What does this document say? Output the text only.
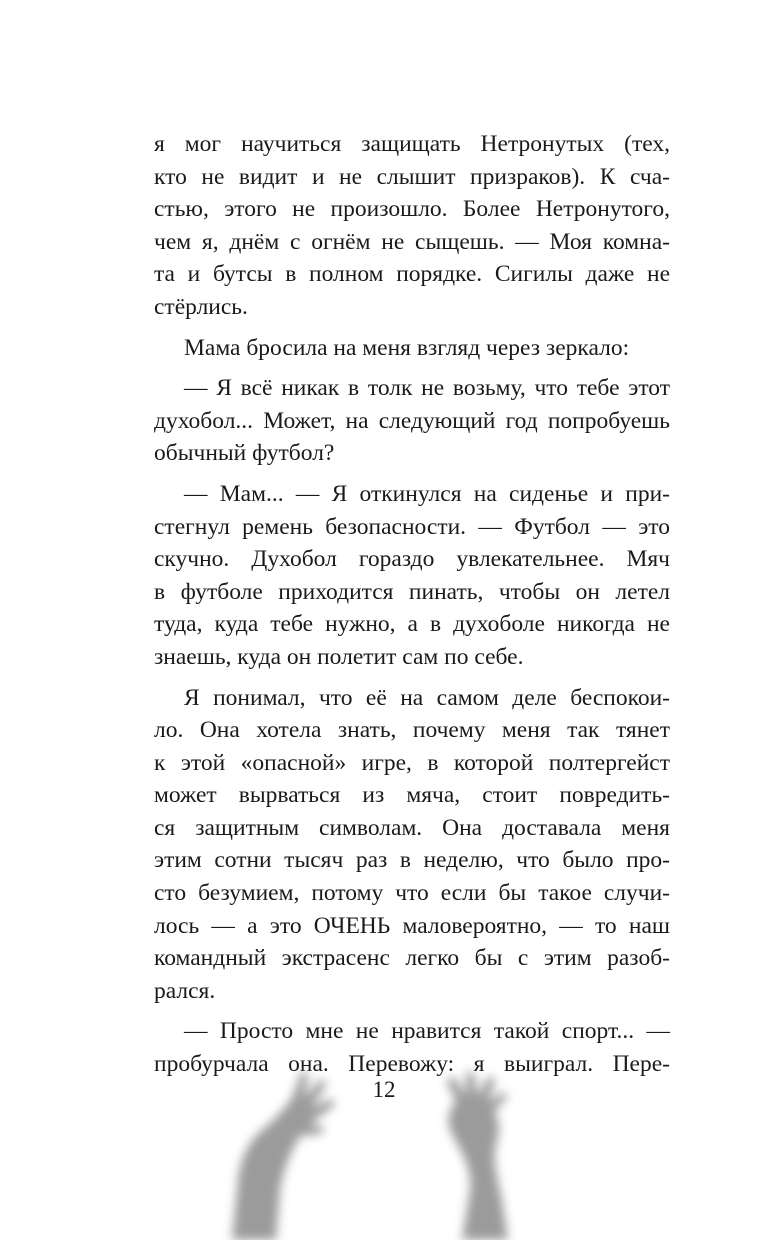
я мог научиться защищать Нетронутых (тех,
кто не видит и не слышит призраков). К сча-
стью, этого не произошло. Более Нетронутого,
чем я, днём с огнём не сыщешь. — Моя комна-
та и бутсы в полном порядке. Сигилы даже не
стёрлись.

Мама бросила на меня взгляд через зеркало:

— Я всё никак в толк не возьму, что тебе этот
духобол... Может, на следующий год попробуешь
обычный футбол?

— Мам... — Я откинулся на сиденье и при-
стегнул ремень безопасности. — Футбол — это
скучно. Духобол гораздо увлекательнее. Мяч
в футболе приходится пинать, чтобы он летел
туда, куда тебе нужно, а в духоболе никогда не
знаешь, куда он полетит сам по себе.

Я понимал, что её на самом деле беспокои-
ло. Она хотела знать, почему меня так тянет
к этой «опасной» игре, в которой полтергейст
может вырваться из мяча, стоит повредить-
ся защитным символам. Она доставала меня
этим сотни тысяч раз в неделю, что было про-
сто безумием, потому что если бы такое случи-
лось — а это ОЧЕНЬ маловероятно, — то наш
командный экстрасенс легко бы с этим разоб-
рался.

— Просто мне не нравится такой спорт... —
пробурчала она. Перевожу: я выиграл. Пере-

12
